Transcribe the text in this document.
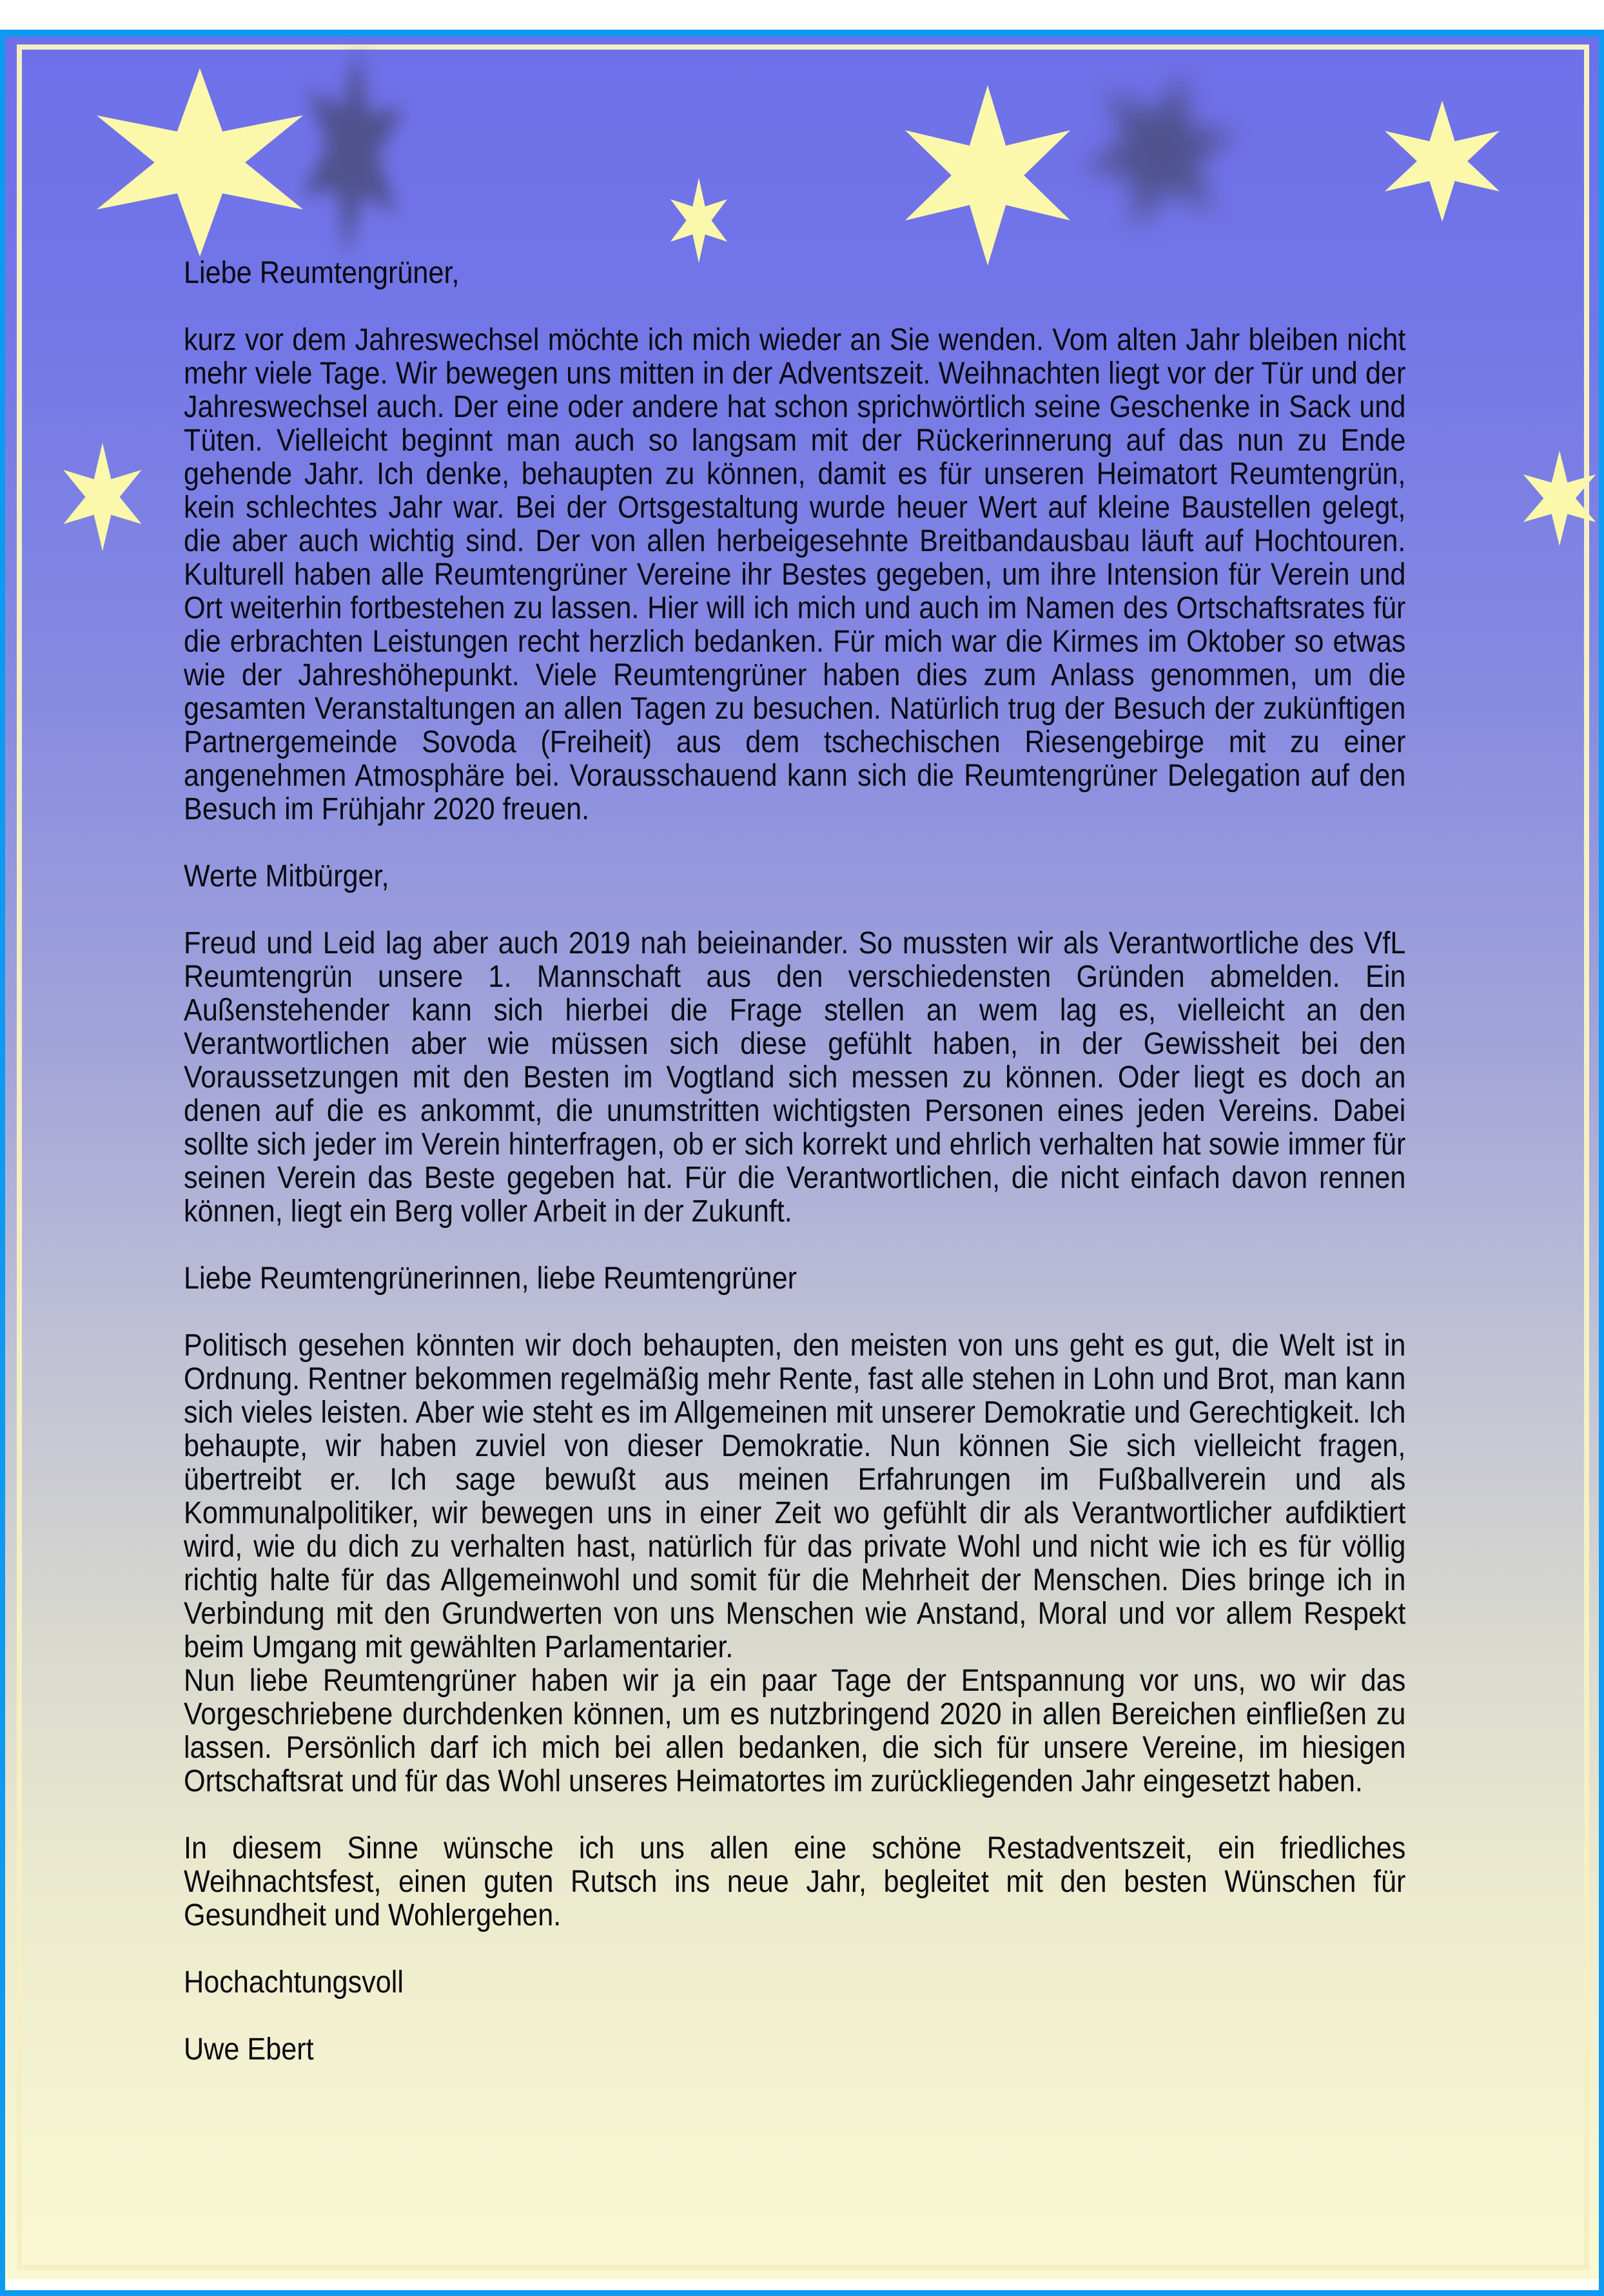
Liebe Reumtengrüner,

kurz vor dem Jahreswechsel möchte ich mich wieder an Sie wenden. Vom alten Jahr bleiben nicht mehr viele Tage. Wir bewegen uns mitten in der Adventszeit. Weihnachten liegt vor der Tür und der Jahreswechsel auch. Der eine oder andere hat schon sprichwörtlich seine Geschenke in Sack und Tüten. Vielleicht beginnt man auch so langsam mit der Rückerinnerung auf das nun zu Ende gehende Jahr. Ich denke, behaupten zu können, damit es für unseren Heimatort Reumtengrün, kein schlechtes Jahr war. Bei der Ortsgestaltung wurde heuer Wert auf kleine Baustellen gelegt, die aber auch wichtig sind. Der von allen herbeigesehnte Breitbandausbau läuft auf Hochtouren. Kulturell haben alle Reumtengrüner Vereine ihr Bestes gegeben, um ihre Intension für Verein und Ort weiterhin fortbestehen zu lassen. Hier will ich mich und auch im Namen des Ortschaftsrates für die erbrachten Leistungen recht herzlich bedanken. Für mich war die Kirmes im Oktober so etwas wie der Jahreshöhepunkt. Viele Reumtengrüner haben dies zum Anlass genommen, um die gesamten Veranstaltungen an allen Tagen zu besuchen. Natürlich trug der Besuch der zukünftigen Partnergemeinde Sovoda (Freiheit) aus dem tschechischen Riesengebirge mit zu einer angenehmen Atmosphäre bei. Vorausschauend kann sich die Reumtengrüner Delegation auf den Besuch im Frühjahr 2020 freuen.

Werte Mitbürger,

Freud und Leid lag aber auch 2019 nah beieinander. So mussten wir als Verantwortliche des VfL Reumtengrün unsere 1. Mannschaft aus den verschiedensten Gründen abmelden. Ein Außenstehender kann sich hierbei die Frage stellen an wem lag es, vielleicht an den Verantwortlichen aber wie müssen sich diese gefühlt haben, in der Gewissheit bei den Voraussetzungen mit den Besten im Vogtland sich messen zu können. Oder liegt es doch an denen auf die es ankommt, die unumstritten wichtigsten Personen eines jeden Vereins. Dabei sollte sich jeder im Verein hinterfragen, ob er sich korrekt und ehrlich verhalten hat sowie immer für seinen Verein das Beste gegeben hat. Für die Verantwortlichen, die nicht einfach davon rennen können, liegt ein Berg voller Arbeit in der Zukunft.

Liebe Reumtengrünerinnen, liebe Reumtengrüner

Politisch gesehen könnten wir doch behaupten, den meisten von uns geht es gut, die Welt ist in Ordnung. Rentner bekommen regelmäßig mehr Rente, fast alle stehen in Lohn und Brot, man kann sich vieles leisten. Aber wie steht es im Allgemeinen mit unserer Demokratie und Gerechtigkeit. Ich behaupte, wir haben zuviel von dieser Demokratie. Nun können Sie sich vielleicht fragen, übertreibt er. Ich sage bewußt aus meinen Erfahrungen im Fußballverein und als Kommunalpolitiker, wir bewegen uns in einer Zeit wo gefühlt dir als Verantwortlicher aufdiktiert wird, wie du dich zu verhalten hast, natürlich für das private Wohl und nicht wie ich es für völlig richtig halte für das Allgemeinwohl und somit für die Mehrheit der Menschen. Dies bringe ich in Verbindung mit den Grundwerten von uns Menschen wie Anstand, Moral und vor allem Respekt beim Umgang mit gewählten Parlamentarier.

Nun liebe Reumtengrüner haben wir ja ein paar Tage der Entspannung vor uns, wo wir das Vorgeschriebene durchdenken können, um es nutzbringend 2020 in allen Bereichen einfließen zu lassen. Persönlich darf ich mich bei allen bedanken, die sich für unsere Vereine, im hiesigen Ortschaftsrat und für das Wohl unseres Heimatortes im zurückliegenden Jahr eingesetzt haben.

In diesem Sinne wünsche ich uns allen eine schöne Restadventszeit, ein friedliches Weihnachtsfest, einen guten Rutsch ins neue Jahr, begleitet mit den besten Wünschen für Gesundheit und Wohlergehen.

Hochachtungsvoll

Uwe Ebert
